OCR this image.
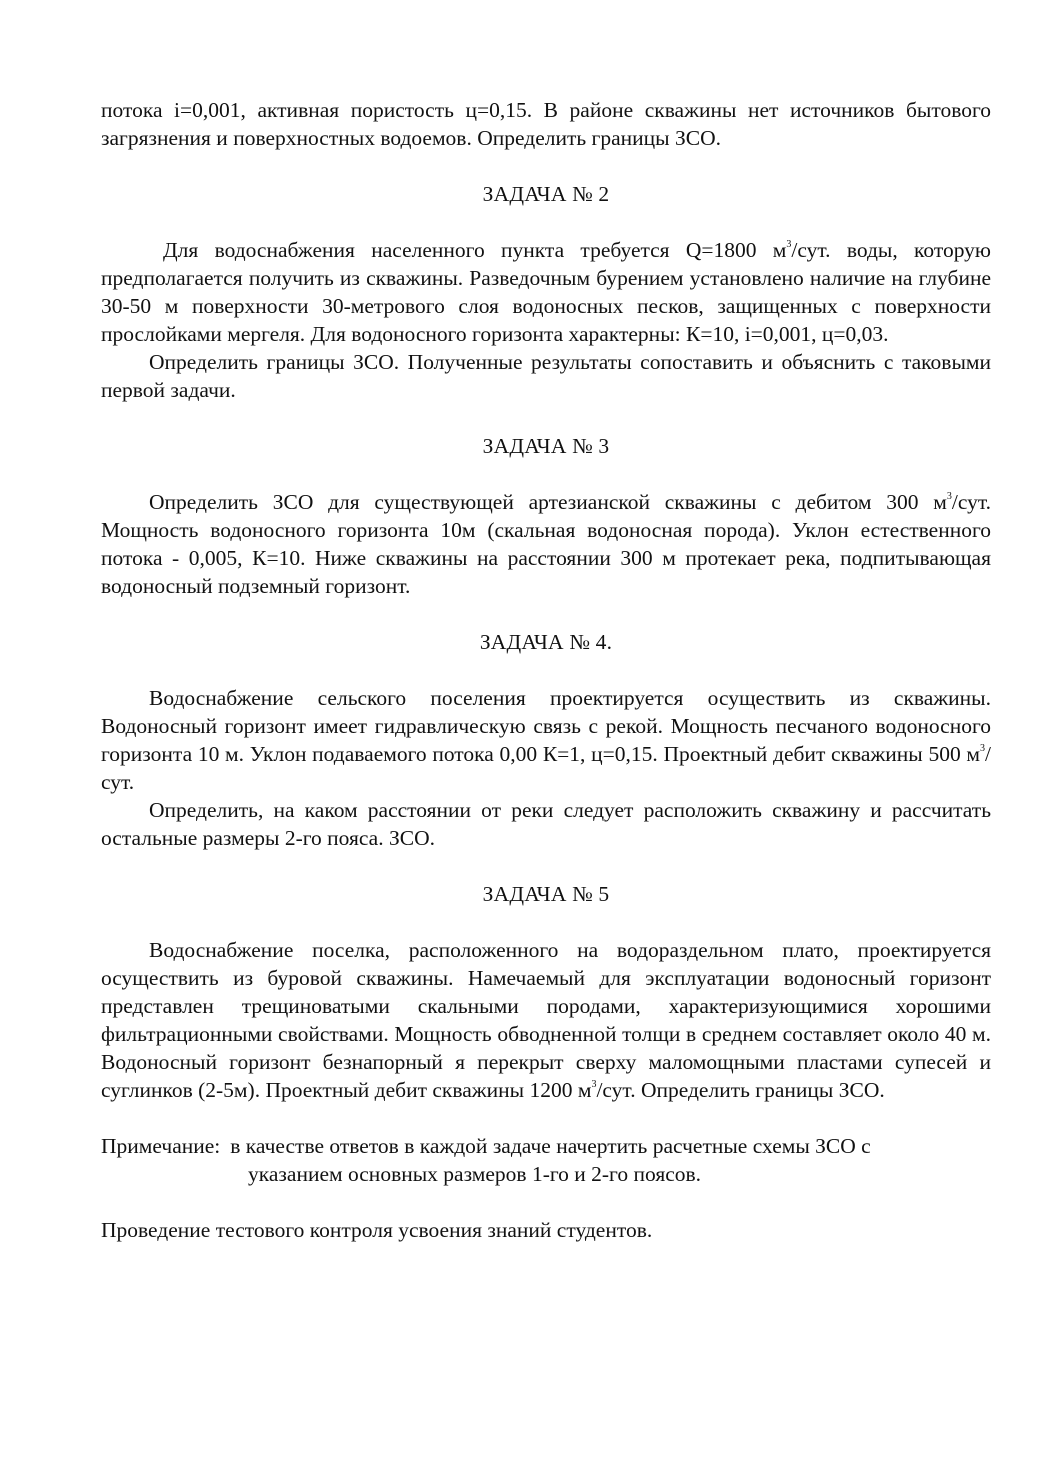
потока i=0,001, активная пористость ц=0,15. В районе скважины нет источников бытового загрязнения и поверхностных водоемов. Определить границы ЗСО.

ЗАДАЧА № 2

Для водоснабжения населенного пункта требуется Q=1800 $м^3$/сут. воды, которую предполагается получить из скважины. Разведочным бурением установлено наличие на глубине 30-50 м поверхности 30-метрового слоя водоносных песков, защищенных с поверхности прослойками мергеля. Для водоносного горизонта характерны: К=10, i=0,001, ц=0,03.

Определить границы ЗСО. Полученные результаты сопоставить и объяснить с таковыми первой задачи.

ЗАДАЧА № 3

Определить ЗСО для существующей артезианской скважины с дебитом 300 $м^3$/сут. Мощность водоносного горизонта 10м (скальная водоносная порода). Уклон естественного потока - 0,005, К=10. Ниже скважины на расстоянии 300 м протекает река, подпитывающая водоносный подземный горизонт.

ЗАДАЧА № 4.

Водоснабжение сельского поселения проектируется осуществить из скважины. Водоносный горизонт имеет гидравлическую связь с рекой. Мощность песчаного водоносного горизонта 10 м. Уклон подаваемого потока 0,00 К=1, ц=0,15. Проектный дебит скважины 500 $м^3$/сут.

Определить, на каком расстоянии от реки следует расположить скважину и рассчитать остальные размеры 2-го пояса. ЗСО.

ЗАДАЧА № 5

Водоснабжение поселка, расположенного на водораздельном плато, проектируется осуществить из буровой скважины. Намечаемый для эксплуатации водоносный горизонт представлен трещиноватыми скальными породами, характеризующимися хорошими фильтрационными свойствами. Мощность обводненной толщи в среднем составляет около 40 м. Водоносный горизонт безнапорный я перекрыт сверху маломощными пластами супесей и суглинков (2-5м). Проектный дебит скважины 1200 $м^3$/сут. Определить границы ЗСО.

Примечание: в качестве ответов в каждой задаче начертить расчетные схемы ЗСО с

указанием основных размеров 1-го и 2-го поясов.

Проведение тестового контроля усвоения знаний студентов.
